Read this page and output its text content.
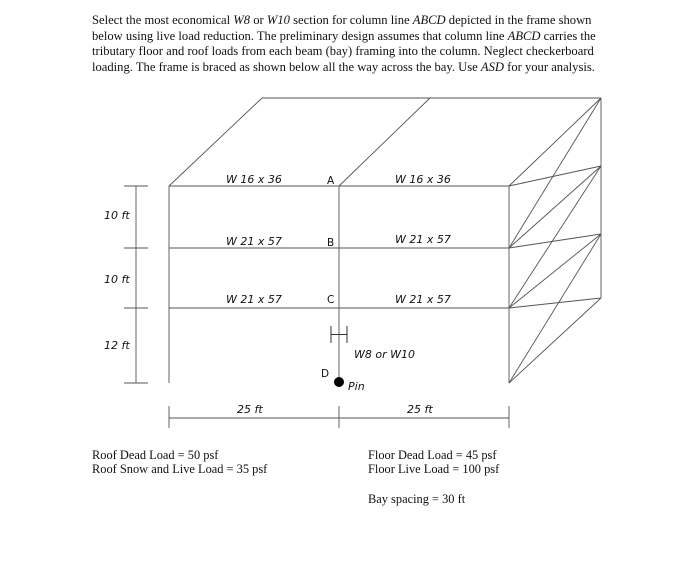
Select the most economical W8 or W10 section for column line ABCD depicted in the frame shown below using live load reduction. The preliminary design assumes that column line ABCD carries the tributary floor and roof loads from each beam (bay) framing into the column. Neglect checkerboard loading. The frame is braced as shown below all the way across the bay. Use ASD for your analysis.
W 16 x 36	W 16 x 36
W 21 x 57	W 21 x 57
W 21 x 57	W 21 x 57
A
B
C
D
W8 or W10
Pin
10 ft
10 ft
12 ft
25 ft	25 ft
Roof Dead Load = 50 psf
Roof Snow and Live Load = 35 psf
Floor Dead Load = 45 psf
Floor Live Load = 100 psf
Bay spacing = 30 ft
